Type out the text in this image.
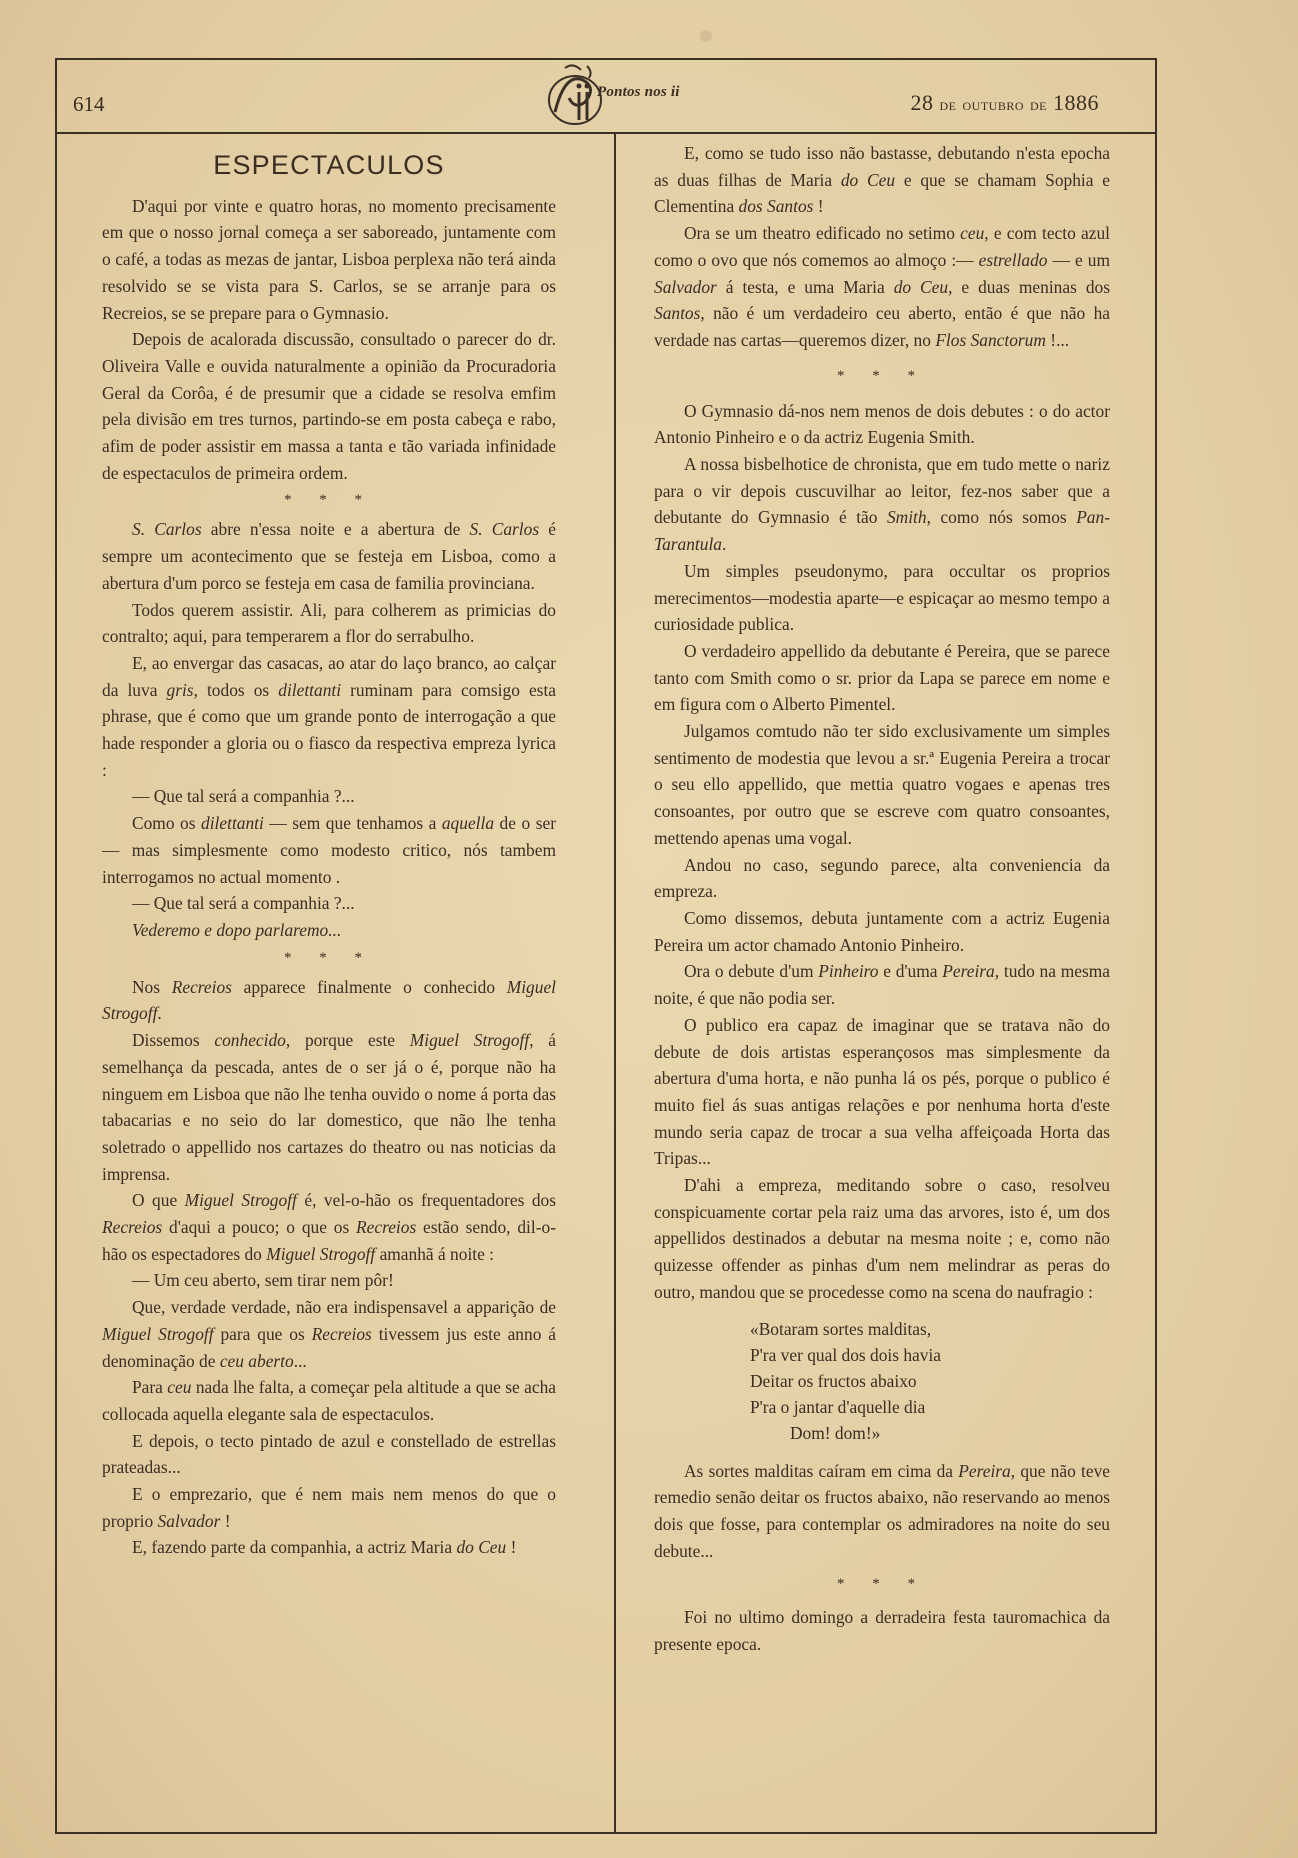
614	Pontos nos ii	28 de outubro de 1886
ESPECTACULOS

D'aqui por vinte e quatro horas, no momento precisamente em que o nosso jornal começa a ser saboreado, juntamente com o café, a todas as mezas de jantar, Lisboa perplexa não terá ainda resolvido se se vista para S. Carlos, se se arranje para os Recreios, se se prepare para o Gymnasio.

Depois de acalorada discussão, consultado o parecer do dr. Oliveira Valle e ouvida naturalmente a opinião da Procuradoria Geral da Corôa, é de presumir que a cidade se resolva emfim pela divisão em tres turnos, partindo-se em posta cabeça e rabo, afim de poder assistir em massa a tanta e tão variada infinidade de espectaculos de primeira ordem.

* * *

S. Carlos abre n'essa noite e a abertura de S. Carlos é sempre um acontecimento que se festeja em Lisboa, como a abertura d'um porco se festeja em casa de familia provinciana.

Todos querem assistir. Ali, para colherem as primicias do contralto; aqui, para temperarem a flor do serrabulho.

E, ao envergar das casacas, ao atar do laço branco, ao calçar da luva gris, todos os dilettanti ruminam para comsigo esta phrase, que é como que um grande ponto de interrogação a que hade responder a gloria ou o fiasco da respectiva empreza lyrica :

— Que tal será a companhia ?...

Como os dilettanti — sem que tenhamos a aquella de o ser — mas simplesmente como modesto critico, nós tambem interrogamos no actual momento .

— Que tal será a companhia ?...

Vederemo e dopo parlaremo...

* * *

Nos Recreios apparece finalmente o conhecido Miguel Strogoff.

Dissemos conhecido, porque este Miguel Strogoff, á semelhança da pescada, antes de o ser já o é, porque não ha ninguem em Lisboa que não lhe tenha ouvido o nome á porta das tabacarias e no seio do lar domestico, que não lhe tenha soletrado o appellido nos cartazes do theatro ou nas noticias da imprensa.

O que Miguel Strogoff é, vel-o-hão os frequentadores dos Recreios d'aqui a pouco; o que os Recreios estão sendo, dil-o-hão os espectadores do Miguel Strogoff amanhã á noite :

— Um ceu aberto, sem tirar nem pôr!

Que, verdade verdade, não era indispensavel a apparição de Miguel Strogoff para que os Recreios tivessem jus este anno á denominação de ceu aberto...

Para ceu nada lhe falta, a começar pela altitude a que se acha collocada aquella elegante sala de espectaculos.

E depois, o tecto pintado de azul e constellado de estrellas prateadas...

E o emprezario, que é nem mais nem menos do que o proprio Salvador !

E, fazendo parte da companhia, a actriz Maria do Ceu !

E, como se tudo isso não bastasse, debutando n'esta epocha as duas filhas de Maria do Ceu e que se chamam Sophia e Clementina dos Santos !

Ora se um theatro edificado no setimo ceu, e com tecto azul como o ovo que nós comemos ao almoço :— estrellado — e um Salvador á testa, e uma Maria do Ceu, e duas meninas dos Santos, não é um verdadeiro ceu aberto, então é que não ha verdade nas cartas—queremos dizer, no Flos Sanctorum !...

* * *

O Gymnasio dá-nos nem menos de dois debutes : o do actor Antonio Pinheiro e o da actriz Eugenia Smith.

A nossa bisbelhotice de chronista, que em tudo mette o nariz para o vir depois cuscuvilhar ao leitor, fez-nos saber que a debutante do Gymnasio é tão Smith, como nós somos Pan-Tarantula.

Um simples pseudonymo, para occultar os proprios merecimentos—modestia aparte—e espicaçar ao mesmo tempo a curiosidade publica.

O verdadeiro appellido da debutante é Pereira, que se parece tanto com Smith como o sr. prior da Lapa se parece em nome e em figura com o Alberto Pimentel.

Julgamos comtudo não ter sido exclusivamente um simples sentimento de modestia que levou a sr.ª Eugenia Pereira a trocar o seu ello appellido, que mettia quatro vogaes e apenas tres consoantes, por outro que se escreve com quatro consoantes, mettendo apenas uma vogal.

Andou no caso, segundo parece, alta conveniencia da empreza.

Como dissemos, debuta juntamente com a actriz Eugenia Pereira um actor chamado Antonio Pinheiro.

Ora o debute d'um Pinheiro e d'uma Pereira, tudo na mesma noite, é que não podia ser.

O publico era capaz de imaginar que se tratava não do debute de dois artistas esperançosos mas simplesmente da abertura d'uma horta, e não punha lá os pés, porque o publico é muito fiel ás suas antigas relações e por nenhuma horta d'este mundo seria capaz de trocar a sua velha affeiçoada Horta das Tripas...

D'ahi a empreza, meditando sobre o caso, resolveu conspicuamente cortar pela raiz uma das arvores, isto é, um dos appellidos destinados a debutar na mesma noite ; e, como não quizesse offender as pinhas d'um nem melindrar as peras do outro, mandou que se procedesse como na scena do naufragio :

«Botaram sortes malditas,
P'ra ver qual dos dois havia
Deitar os fructos abaixo
P'ra o jantar d'aquelle dia
Dom! dom!»

As sortes malditas caíram em cima da Pereira, que não teve remedio senão deitar os fructos abaixo, não reservando ao menos dois que fosse, para contemplar os admiradores na noite do seu debute...

* * *

Foi no ultimo domingo a derradeira festa tauromachica da presente epoca.
